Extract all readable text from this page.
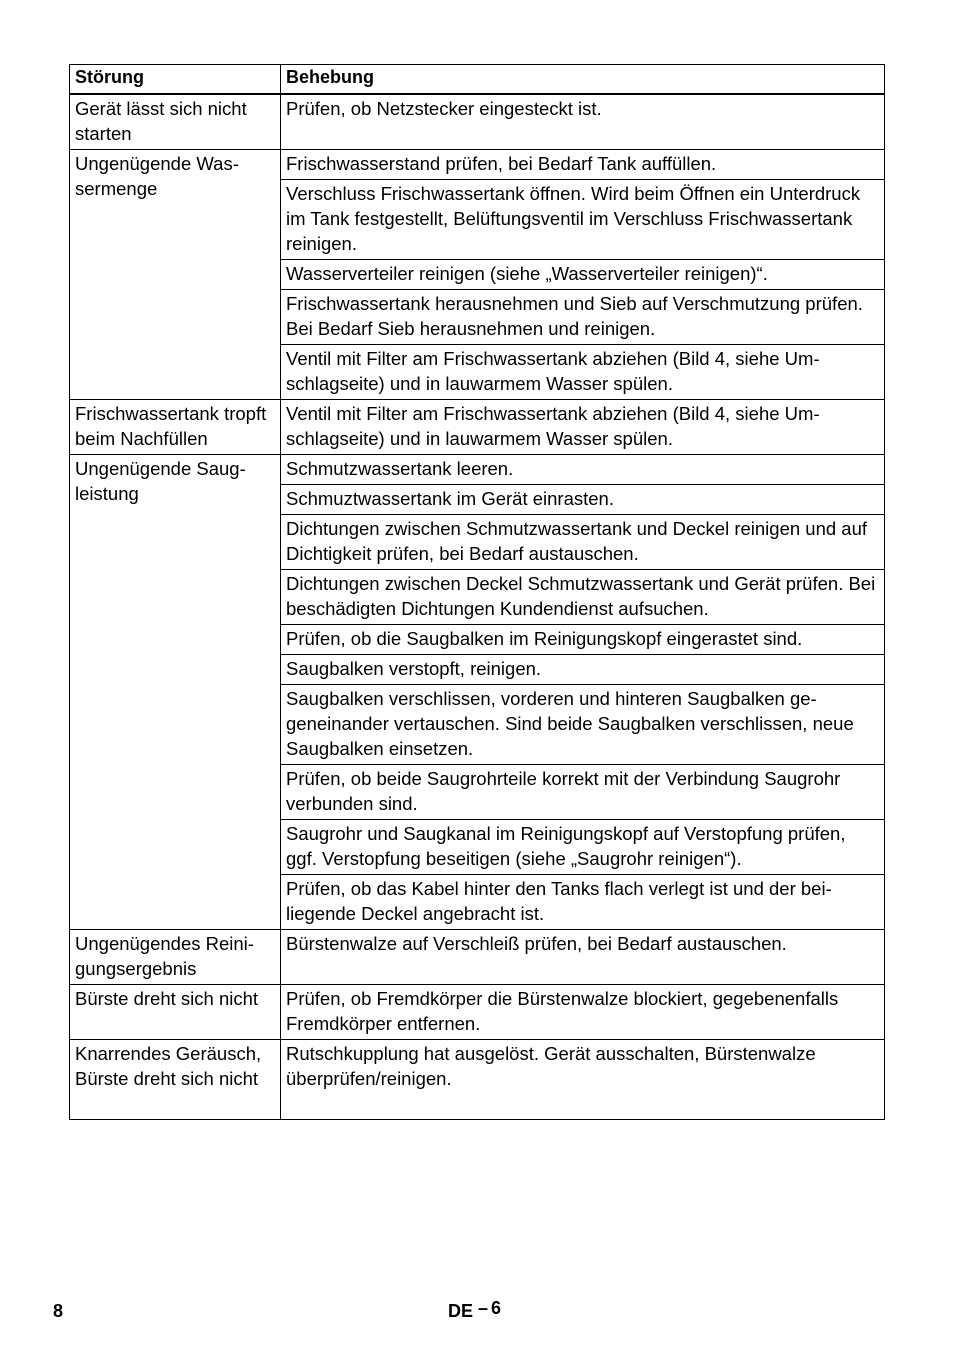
Störung	Behebung
Gerät lässt sich nicht starten	Prüfen, ob Netzstecker eingesteckt ist.
Ungenügende Wassermenge	Frischwasserstand prüfen, bei Bedarf Tank auffüllen.
	Verschluss Frischwassertank öffnen. Wird beim Öffnen ein Unterdruck im Tank festgestellt, Belüftungsventil im Verschluss Frischwassertank reinigen.
	Wasserverteiler reinigen (siehe „Wasserverteiler reinigen)“.
	Frischwassertank herausnehmen und Sieb auf Verschmutzung prüfen. Bei Bedarf Sieb herausnehmen und reinigen.
	Ventil mit Filter am Frischwassertank abziehen (Bild 4, siehe Umschlagseite) und in lauwarmem Wasser spülen.
Frischwassertank tropft beim Nachfüllen	Ventil mit Filter am Frischwassertank abziehen (Bild 4, siehe Umschlagseite) und in lauwarmem Wasser spülen.
Ungenügende Saugleistung	Schmutzwassertank leeren.
	Schmuztwassertank im Gerät einrasten.
	Dichtungen zwischen Schmutzwassertank und Deckel reinigen und auf Dichtigkeit prüfen, bei Bedarf austauschen.
	Dichtungen zwischen Deckel Schmutzwassertank und Gerät prüfen. Bei beschädigten Dichtungen Kundendienst aufsuchen.
	Prüfen, ob die Saugbalken im Reinigungskopf eingerastet sind.
	Saugbalken verstopft, reinigen.
	Saugbalken verschlissen, vorderen und hinteren Saugbalken gegeneinander vertauschen. Sind beide Saugbalken verschlissen, neue Saugbalken einsetzen.
	Prüfen, ob beide Saugrohrteile korrekt mit der Verbindung Saugrohr verbunden sind.
	Saugrohr und Saugkanal im Reinigungskopf auf Verstopfung prüfen, ggf. Verstopfung beseitigen (siehe „Saugrohr reinigen“).
	Prüfen, ob das Kabel hinter den Tanks flach verlegt ist und der beiliegende Deckel angebracht ist.
Ungenügendes Reinigungsergebnis	Bürstenwalze auf Verschleiß prüfen, bei Bedarf austauschen.
Bürste dreht sich nicht	Prüfen, ob Fremdkörper die Bürstenwalze blockiert, gegebenenfalls Fremdkörper entfernen.
Knarrendes Geräusch, Bürste dreht sich nicht	Rutschkupplung hat ausgelöst. Gerät ausschalten, Bürstenwalze überprüfen/reinigen.
8	DE – 6
